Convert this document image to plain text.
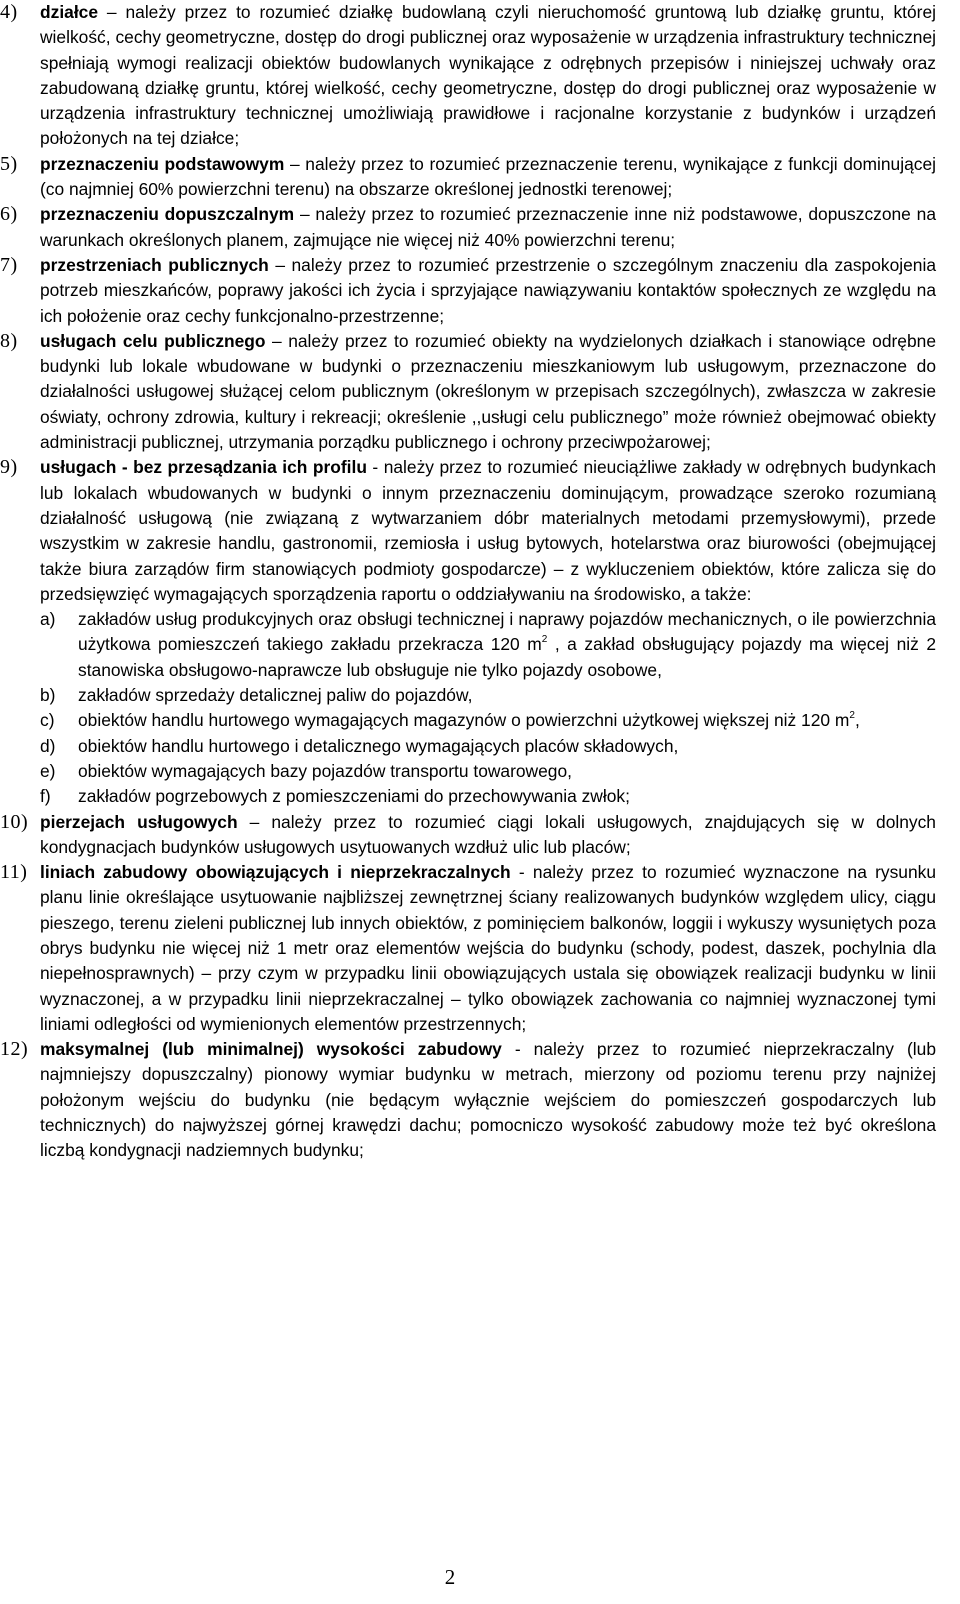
4) działce – należy przez to rozumieć działkę budowlaną czyli nieruchomość gruntową lub działkę gruntu, której wielkość, cechy geometryczne, dostęp do drogi publicznej oraz wyposażenie w urządzenia infrastruktury technicznej spełniają wymogi realizacji obiektów budowlanych wynikające z odrębnych przepisów i niniejszej uchwały oraz zabudowaną działkę gruntu, której wielkość, cechy geometryczne, dostęp do drogi publicznej oraz wyposażenie w urządzenia infrastruktury technicznej umożliwiają prawidłowe i racjonalne korzystanie z budynków i urządzeń położonych na tej działce;
5) przeznaczeniu podstawowym – należy przez to rozumieć przeznaczenie terenu, wynikające z funkcji dominującej (co najmniej 60% powierzchni terenu) na obszarze określonej jednostki terenowej;
6) przeznaczeniu dopuszczalnym – należy przez to rozumieć przeznaczenie inne niż podstawowe, dopuszczone na warunkach określonych planem, zajmujące nie więcej niż 40% powierzchni terenu;
7) przestrzeniach publicznych – należy przez to rozumieć przestrzenie o szczególnym znaczeniu dla zaspokojenia potrzeb mieszkańców, poprawy jakości ich życia i sprzyjające nawiązywaniu kontaktów społecznych ze względu na ich położenie oraz cechy funkcjonalno-przestrzenne;
8) usługach celu publicznego – należy przez to rozumieć obiekty na wydzielonych działkach i stanowiące odrębne budynki lub lokale wbudowane w budynki o przeznaczeniu mieszkaniowym lub usługowym, przeznaczone do działalności usługowej służącej celom publicznym (określonym w przepisach szczególnych), zwłaszcza w zakresie oświaty, ochrony zdrowia, kultury i rekreacji; określenie ,,usługi celu publicznego” może również obejmować obiekty administracji publicznej, utrzymania porządku publicznego i ochrony przeciwpożarowej;
9) usługach - bez przesądzania ich profilu - należy przez to rozumieć nieuciążliwe zakłady w odrębnych budynkach lub lokalach wbudowanych w budynki o innym przeznaczeniu dominującym, prowadzące szeroko rozumianą działalność usługową (nie związaną z wytwarzaniem dóbr materialnych metodami przemysłowymi), przede wszystkim w zakresie handlu, gastronomii, rzemiosła i usług bytowych, hotelarstwa oraz biurowości (obejmującej także biura zarządów firm stanowiących podmioty gospodarcze) – z wykluczeniem obiektów, które zalicza się do przedsięwzięć wymagających sporządzenia raportu o oddziaływaniu na środowisko, a także:
a) zakładów usług produkcyjnych oraz obsługi technicznej i naprawy pojazdów mechanicznych, o ile powierzchnia użytkowa pomieszczeń takiego zakładu przekracza 120 $m^2$ , a zakład obsługujący pojazdy ma więcej niż 2 stanowiska obsługowo-naprawcze lub obsługuje nie tylko pojazdy osobowe,
b) zakładów sprzedaży detalicznej paliw do pojazdów,
c) obiektów handlu hurtowego wymagających magazynów o powierzchni użytkowej większej niż 120 $m^2$,
d) obiektów handlu hurtowego i detalicznego wymagających placów składowych,
e) obiektów wymagających bazy pojazdów transportu towarowego,
f) zakładów pogrzebowych z pomieszczeniami do przechowywania zwłok;
10) pierzejach usługowych – należy przez to rozumieć ciągi lokali usługowych, znajdujących się w dolnych kondygnacjach budynków usługowych usytuowanych wzdłuż ulic lub placów;
11) liniach zabudowy obowiązujących i nieprzekraczalnych - należy przez to rozumieć wyznaczone na rysunku planu linie określające usytuowanie najbliższej zewnętrznej ściany realizowanych budynków względem ulicy, ciągu pieszego, terenu zieleni publicznej lub innych obiektów, z pominięciem balkonów, loggii i wykuszy wysuniętych poza obrys budynku nie więcej niż 1 metr oraz elementów wejścia do budynku (schody, podest, daszek, pochylnia dla niepełnosprawnych) – przy czym w przypadku linii obowiązujących ustala się obowiązek realizacji budynku w linii wyznaczonej, a w przypadku linii nieprzekraczalnej – tylko obowiązek zachowania co najmniej wyznaczonej tymi liniami odległości od wymienionych elementów przestrzennych;
12) maksymalnej (lub minimalnej) wysokości zabudowy - należy przez to rozumieć nieprzekraczalny (lub najmniejszy dopuszczalny) pionowy wymiar budynku w metrach, mierzony od poziomu terenu przy najniżej położonym wejściu do budynku (nie będącym wyłącznie wejściem do pomieszczeń gospodarczych lub technicznych) do najwyższej górnej krawędzi dachu; pomocniczo wysokość zabudowy może też być określona liczbą kondygnacji nadziemnych budynku;
2
